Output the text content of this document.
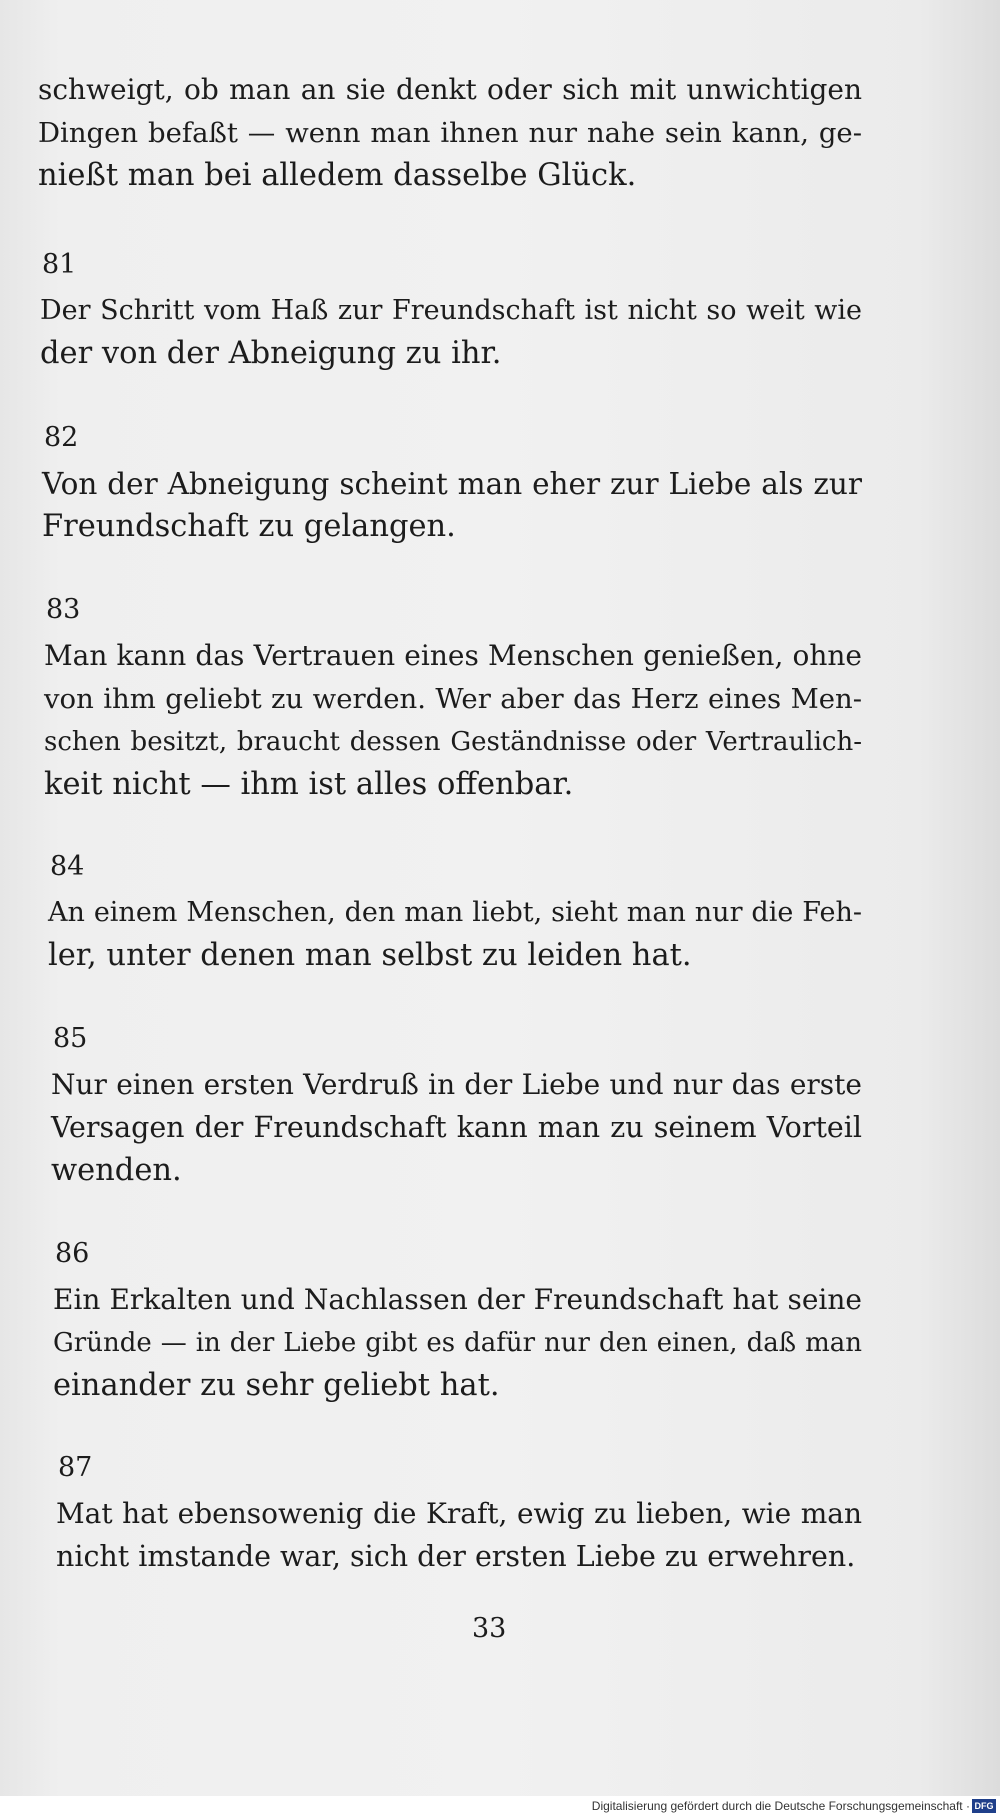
schweigt, ob man an sie denkt oder sich mit unwichtigen
Dingen befaßt — wenn man ihnen nur nahe sein kann, ge-
nießt man bei alledem dasselbe Glück.
81
Der Schritt vom Haß zur Freundschaft ist nicht so weit wie
der von der Abneigung zu ihr.
82
Von der Abneigung scheint man eher zur Liebe als zur
Freundschaft zu gelangen.
83
Man kann das Vertrauen eines Menschen genießen, ohne
von ihm geliebt zu werden. Wer aber das Herz eines Men-
schen besitzt, braucht dessen Geständnisse oder Vertraulich-
keit nicht — ihm ist alles offenbar.
84
An einem Menschen, den man liebt, sieht man nur die Feh-
ler, unter denen man selbst zu leiden hat.
85
Nur einen ersten Verdruß in der Liebe und nur das erste
Versagen der Freundschaft kann man zu seinem Vorteil
wenden.
86
Ein Erkalten und Nachlassen der Freundschaft hat seine
Gründe — in der Liebe gibt es dafür nur den einen, daß man
einander zu sehr geliebt hat.
87
Mat hat ebensowenig die Kraft, ewig zu lieben, wie man
nicht imstande war, sich der ersten Liebe zu erwehren.
33
Digitalisierung gefördert durch die Deutsche Forschungsgemeinschaft · DFG
